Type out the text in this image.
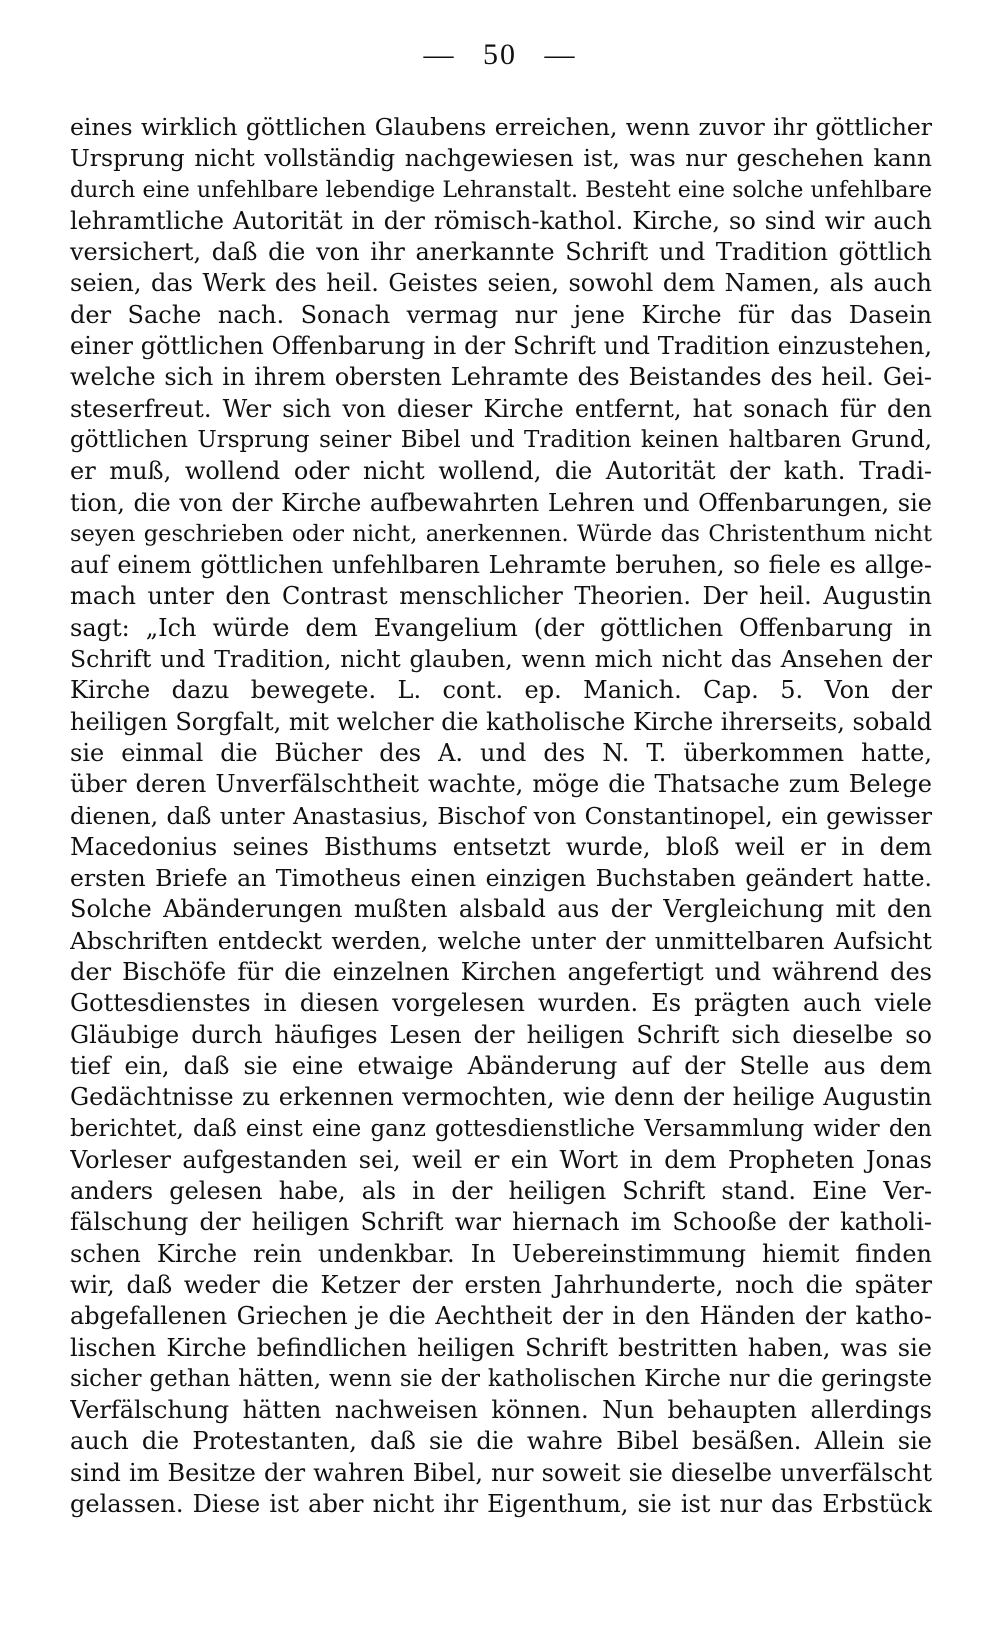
— 50 —
eines wirklich göttlichen Glaubens erreichen, wenn zuvor ihr göttlicher
Ursprung nicht vollständig nachgewiesen ist, was nur geschehen kann
durch eine unfehlbare lebendige Lehranstalt. Besteht eine solche unfehlbare
lehramtliche Autorität in der römisch-kathol. Kirche, so sind wir auch
versichert, daß die von ihr anerkannte Schrift und Tradition göttlich
seien, das Werk des heil. Geistes seien, sowohl dem Namen, als auch
der Sache nach. Sonach vermag nur jene Kirche für das Dasein
einer göttlichen Offenbarung in der Schrift und Tradition einzustehen,
welche sich in ihrem obersten Lehramte des Beistandes des heil. Gei-
steserfreut. Wer sich von dieser Kirche entfernt, hat sonach für den
göttlichen Ursprung seiner Bibel und Tradition keinen haltbaren Grund,
er muß, wollend oder nicht wollend, die Autorität der kath. Tradi-
tion, die von der Kirche aufbewahrten Lehren und Offenbarungen, sie
seyen geschrieben oder nicht, anerkennen. Würde das Christenthum nicht
auf einem göttlichen unfehlbaren Lehramte beruhen, so fiele es allge-
mach unter den Contrast menschlicher Theorien. Der heil. Augustin
sagt: „Ich würde dem Evangelium (der göttlichen Offenbarung in
Schrift und Tradition, nicht glauben, wenn mich nicht das Ansehen der
Kirche dazu bewegete. L. cont. ep. Manich. Cap. 5. Von der
heiligen Sorgfalt, mit welcher die katholische Kirche ihrerseits, sobald
sie einmal die Bücher des A. und des N. T. überkommen hatte,
über deren Unverfälschtheit wachte, möge die Thatsache zum Belege
dienen, daß unter Anastasius, Bischof von Constantinopel, ein gewisser
Macedonius seines Bisthums entsetzt wurde, bloß weil er in dem
ersten Briefe an Timotheus einen einzigen Buchstaben geändert hatte.
Solche Abänderungen mußten alsbald aus der Vergleichung mit den
Abschriften entdeckt werden, welche unter der unmittelbaren Aufsicht
der Bischöfe für die einzelnen Kirchen angefertigt und während des
Gottesdienstes in diesen vorgelesen wurden. Es prägten auch viele
Gläubige durch häufiges Lesen der heiligen Schrift sich dieselbe so
tief ein, daß sie eine etwaige Abänderung auf der Stelle aus dem
Gedächtnisse zu erkennen vermochten, wie denn der heilige Augustin
berichtet, daß einst eine ganz gottesdienstliche Versammlung wider den
Vorleser aufgestanden sei, weil er ein Wort in dem Propheten Jonas
anders gelesen habe, als in der heiligen Schrift stand. Eine Ver-
fälschung der heiligen Schrift war hiernach im Schooße der katholi-
schen Kirche rein undenkbar. In Uebereinstimmung hiemit finden
wir, daß weder die Ketzer der ersten Jahrhunderte, noch die später
abgefallenen Griechen je die Aechtheit der in den Händen der katho-
lischen Kirche befindlichen heiligen Schrift bestritten haben, was sie
sicher gethan hätten, wenn sie der katholischen Kirche nur die geringste
Verfälschung hätten nachweisen können. Nun behaupten allerdings
auch die Protestanten, daß sie die wahre Bibel besäßen. Allein sie
sind im Besitze der wahren Bibel, nur soweit sie dieselbe unverfälscht
gelassen. Diese ist aber nicht ihr Eigenthum, sie ist nur das Erbstück
